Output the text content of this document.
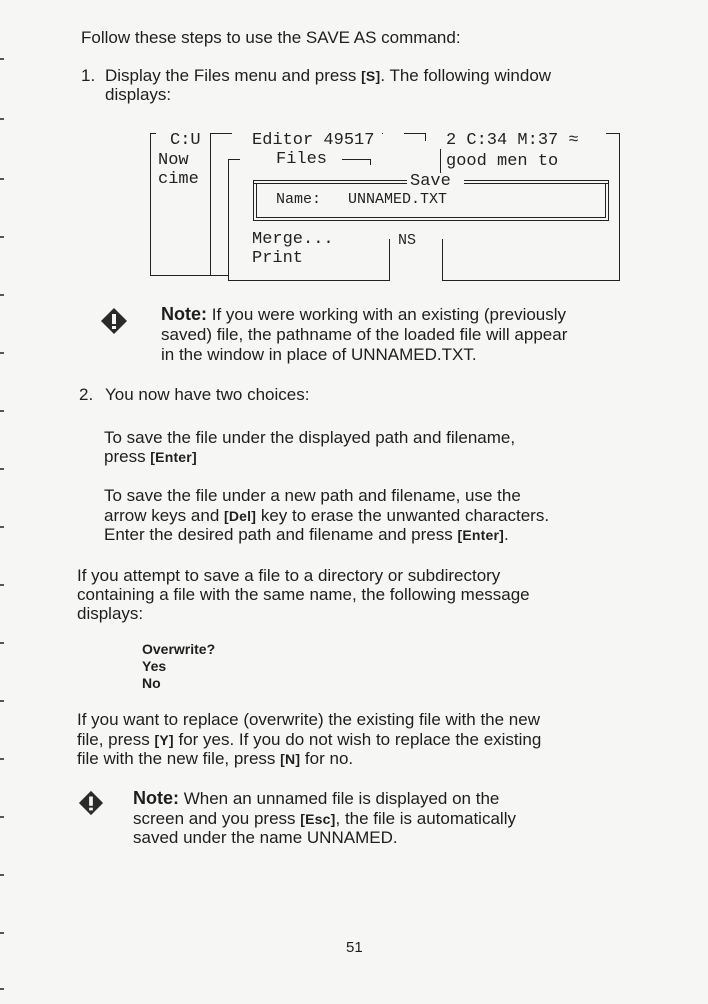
Follow these steps to use the SAVE AS command:
1. Display the Files menu and press [S]. The following window
displays:
C:U
Now
cime
Editor 49517	2 C:34 M:37 ≈
good men to
Files
Save
Name: UNNAMED.TXT
Merge...
Print
NS
Note: If you were working with an existing (previously
saved) file, the pathname of the loaded file will appear
in the window in place of UNNAMED.TXT.
2. You now have two choices:
To save the file under the displayed path and filename,
press [Enter]
To save the file under a new path and filename, use the
arrow keys and [Del] key to erase the unwanted characters.
Enter the desired path and filename and press [Enter].
If you attempt to save a file to a directory or subdirectory
containing a file with the same name, the following message
displays:
Overwrite?
Yes
No
If you want to replace (overwrite) the existing file with the new
file, press [Y] for yes. If you do not wish to replace the existing
file with the new file, press [N] for no.
Note: When an unnamed file is displayed on the
screen and you press [Esc], the file is automatically
saved under the name UNNAMED.
51
